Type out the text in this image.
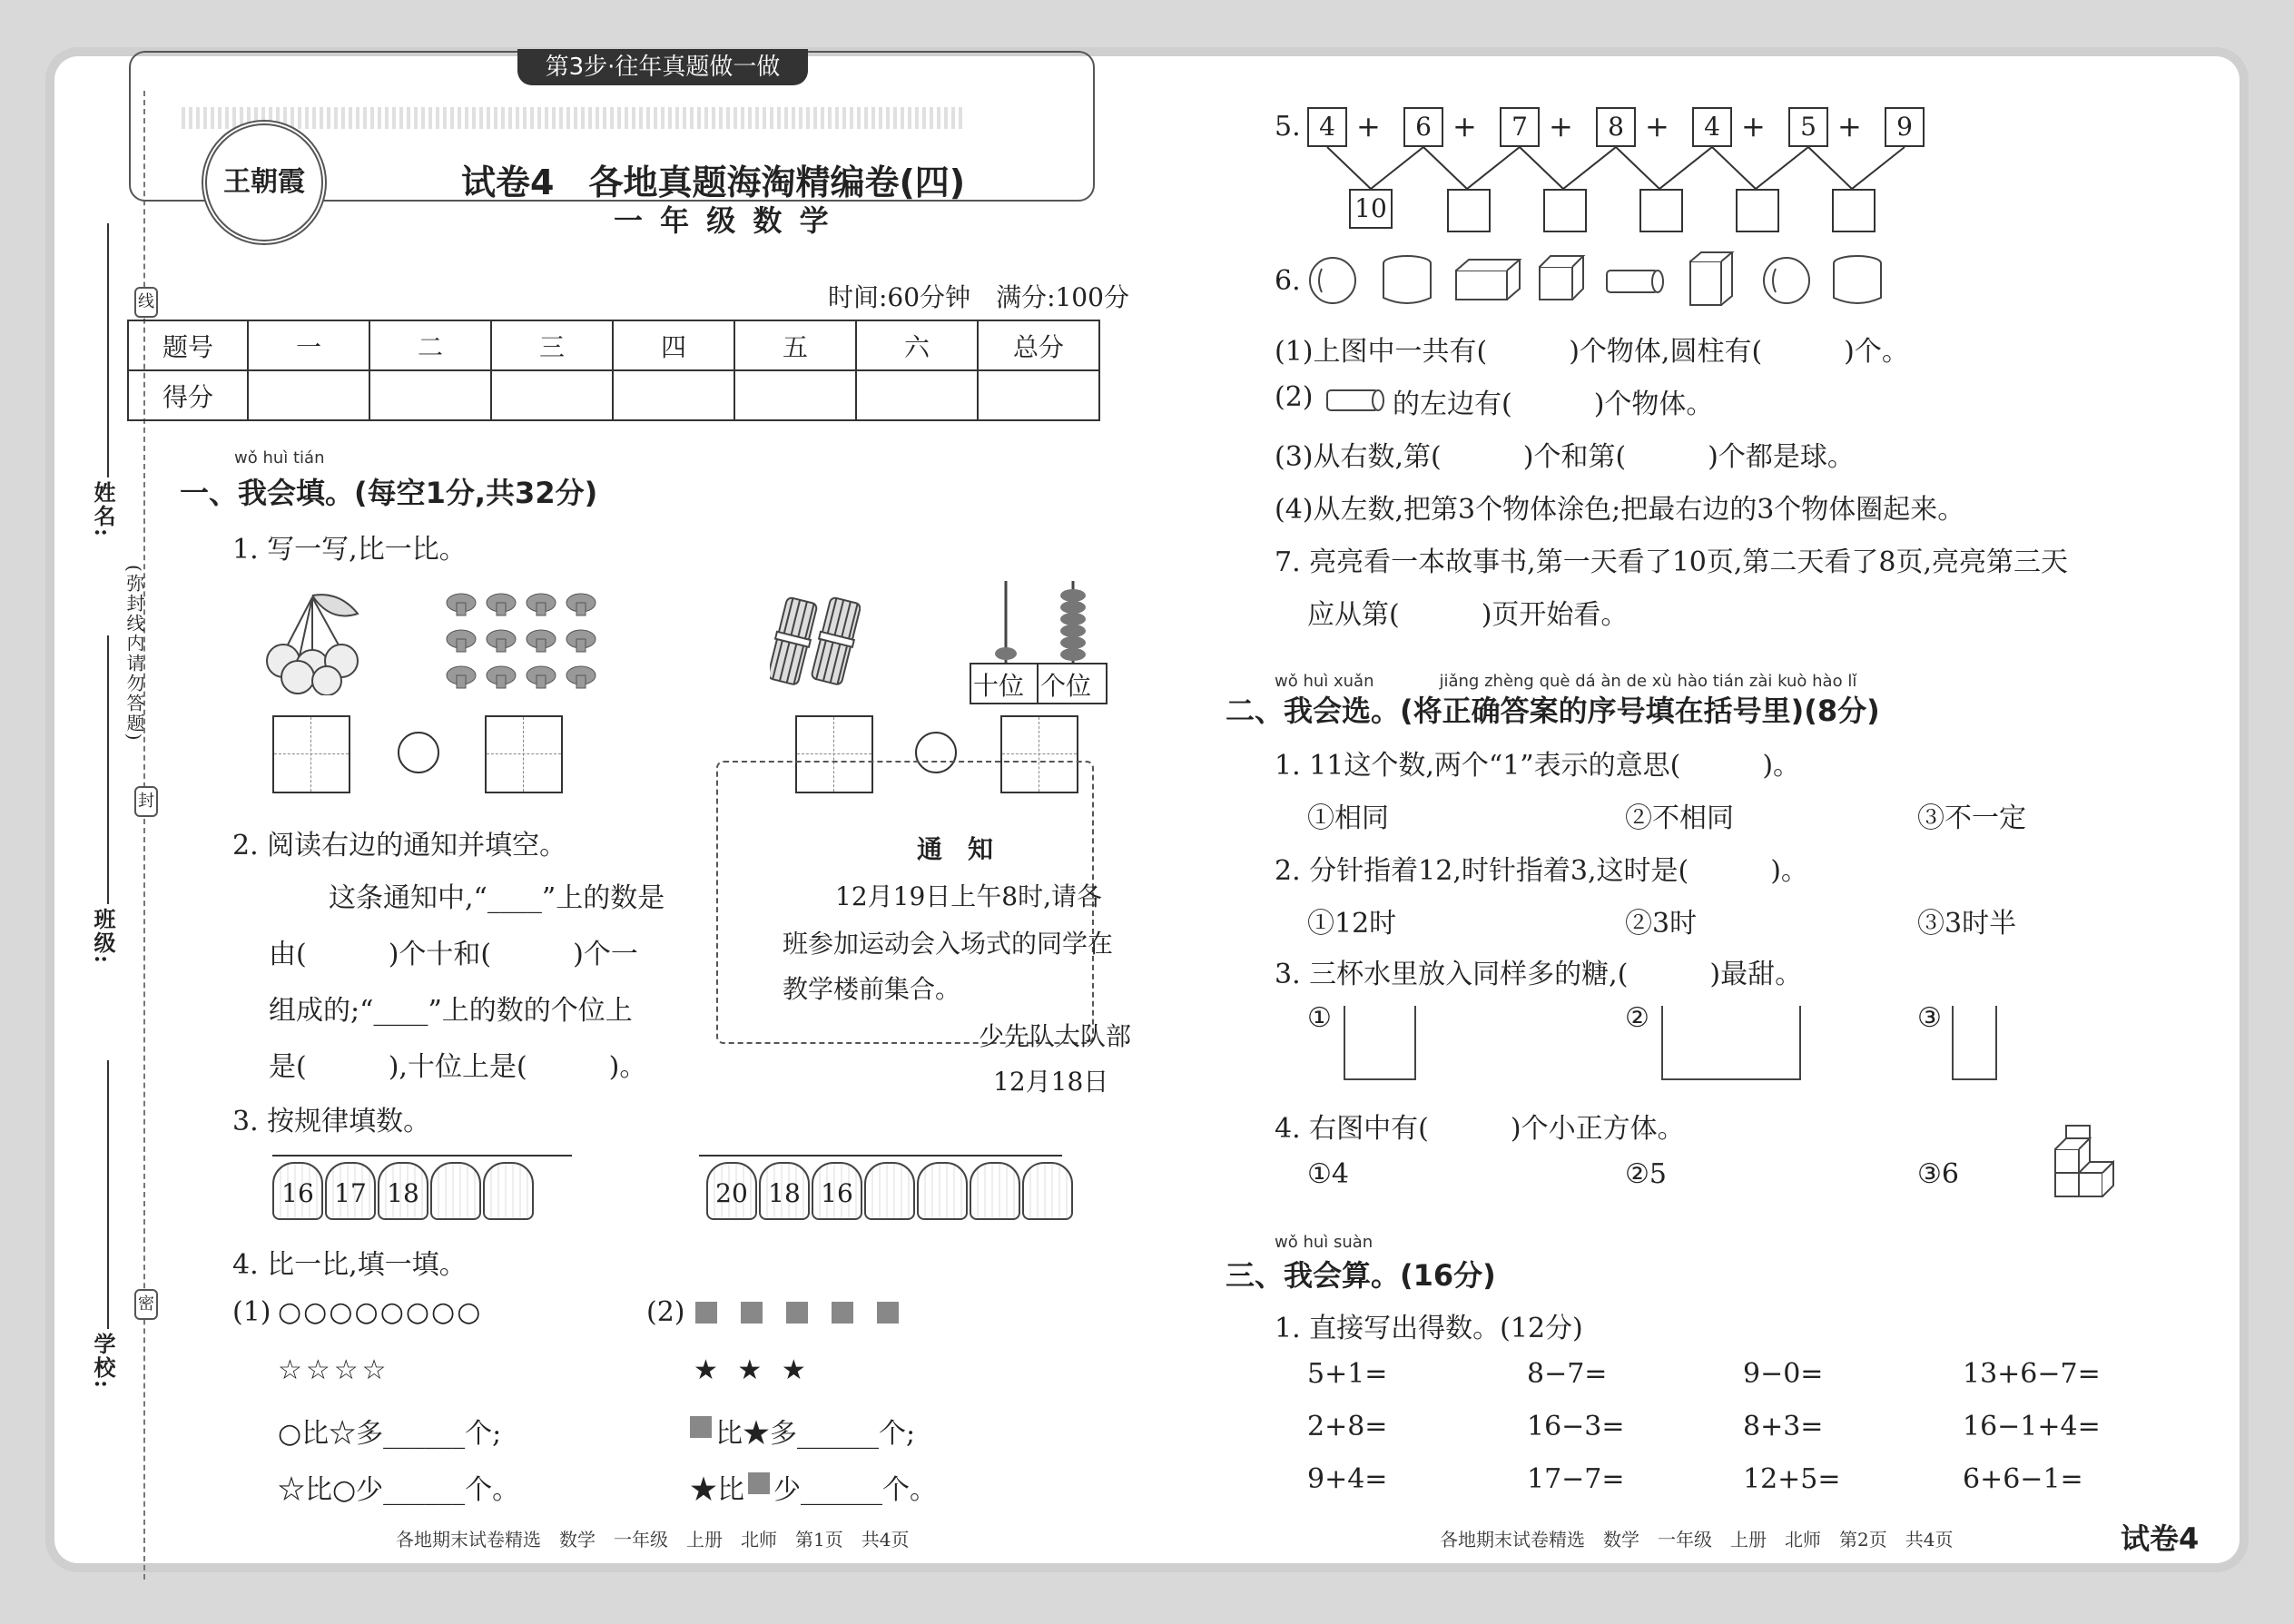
线
封
密
(弥封线内请勿答题)
姓名:
班级:
学校:
第3步·往年真题做一做
王朝霞	试卷4　各地真题海淘精编卷(四)
一 年 级 数 学
时间:60分钟　满分:100分
题号	一	二	三	四	五	六	总分
得分							
wǒ huì tián
一、我会填。(每空1分,共32分)
1. 写一写,比一比。
十位 个位
2. 阅读右边的通知并填空。
这条通知中,“____”上的数是
由(　　　)个十和(　　　)个一
组成的;“____”上的数的个位上
是(　　　),十位上是(　　　)。
通　知
12月19日上午8时,请各
班参加运动会入场式的同学在
教学楼前集合。
少先队大队部
12月18日
3. 按规律填数。
16 17 18	20 18 16
4. 比一比,填一填。
(1) ○○○○○○○○
☆☆☆☆
○比☆多______个;
☆比○少______个。
(2)
★ ★ ★
比★多______个;
★比 少______个。
各地期末试卷精选　数学　一年级　上册　北师　第1页　共4页
5. 4 +	6 +	7 +	8 +	4 +	5 +	9
10
6.
(1)上图中一共有(　　　)个物体,圆柱有(　　　)个。
(2)	的左边有(　　　)个物体。
(3)从右数,第(　　　)个和第(　　　)个都是球。
(4)从左数,把第3个物体涂色;把最右边的3个物体圈起来。
7. 亮亮看一本故事书,第一天看了10页,第二天看了8页,亮亮第三天
应从第(　　　)页开始看。
wǒ huì xuǎn　　　　jiǎng zhèng què dá àn de xù hào tián zài kuò hào lǐ
二、我会选。(将正确答案的序号填在括号里)(8分)
1. 11这个数,两个“1”表示的意思(　　　)。
①相同	②不相同	③不一定
2. 分针指着12,时针指着3,这时是(　　　)。
①12时	②3时	③3时半
3. 三杯水里放入同样多的糖,(　　　)最甜。
①	②	③
4. 右图中有(　　　)个小正方体。
①4	②5	③6
wǒ huì suàn
三、我会算。(16分)
1. 直接写出得数。(12分)
5+1=	8−7=	9−0=	13+6−7=
2+8=	16−3=	8+3=	16−1+4=
9+4=	17−7=	12+5=	6+6−1=
各地期末试卷精选　数学　一年级　上册　北师　第2页　共4页	试卷4
